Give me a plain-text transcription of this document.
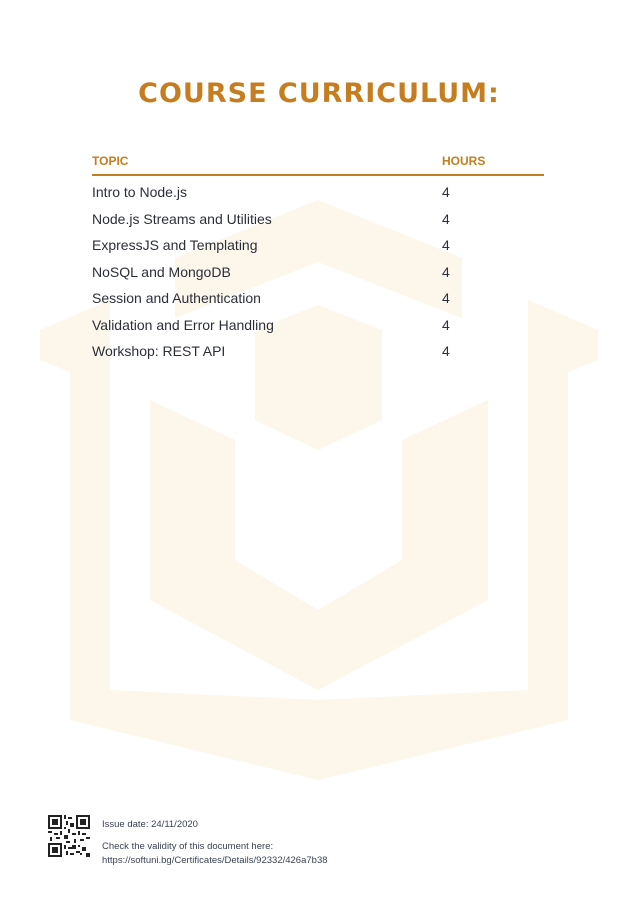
COURSE CURRICULUM:
TOPIC	HOURS
Intro to Node.js	4
Node.js Streams and Utilities	4
ExpressJS and Templating	4
NoSQL and MongoDB	4
Session and Authentication	4
Validation and Error Handling	4
Workshop: REST API	4
Issue date: 24/11/2020
Check the validity of this document here:
https://softuni.bg/Certificates/Details/92332/426a7b38
